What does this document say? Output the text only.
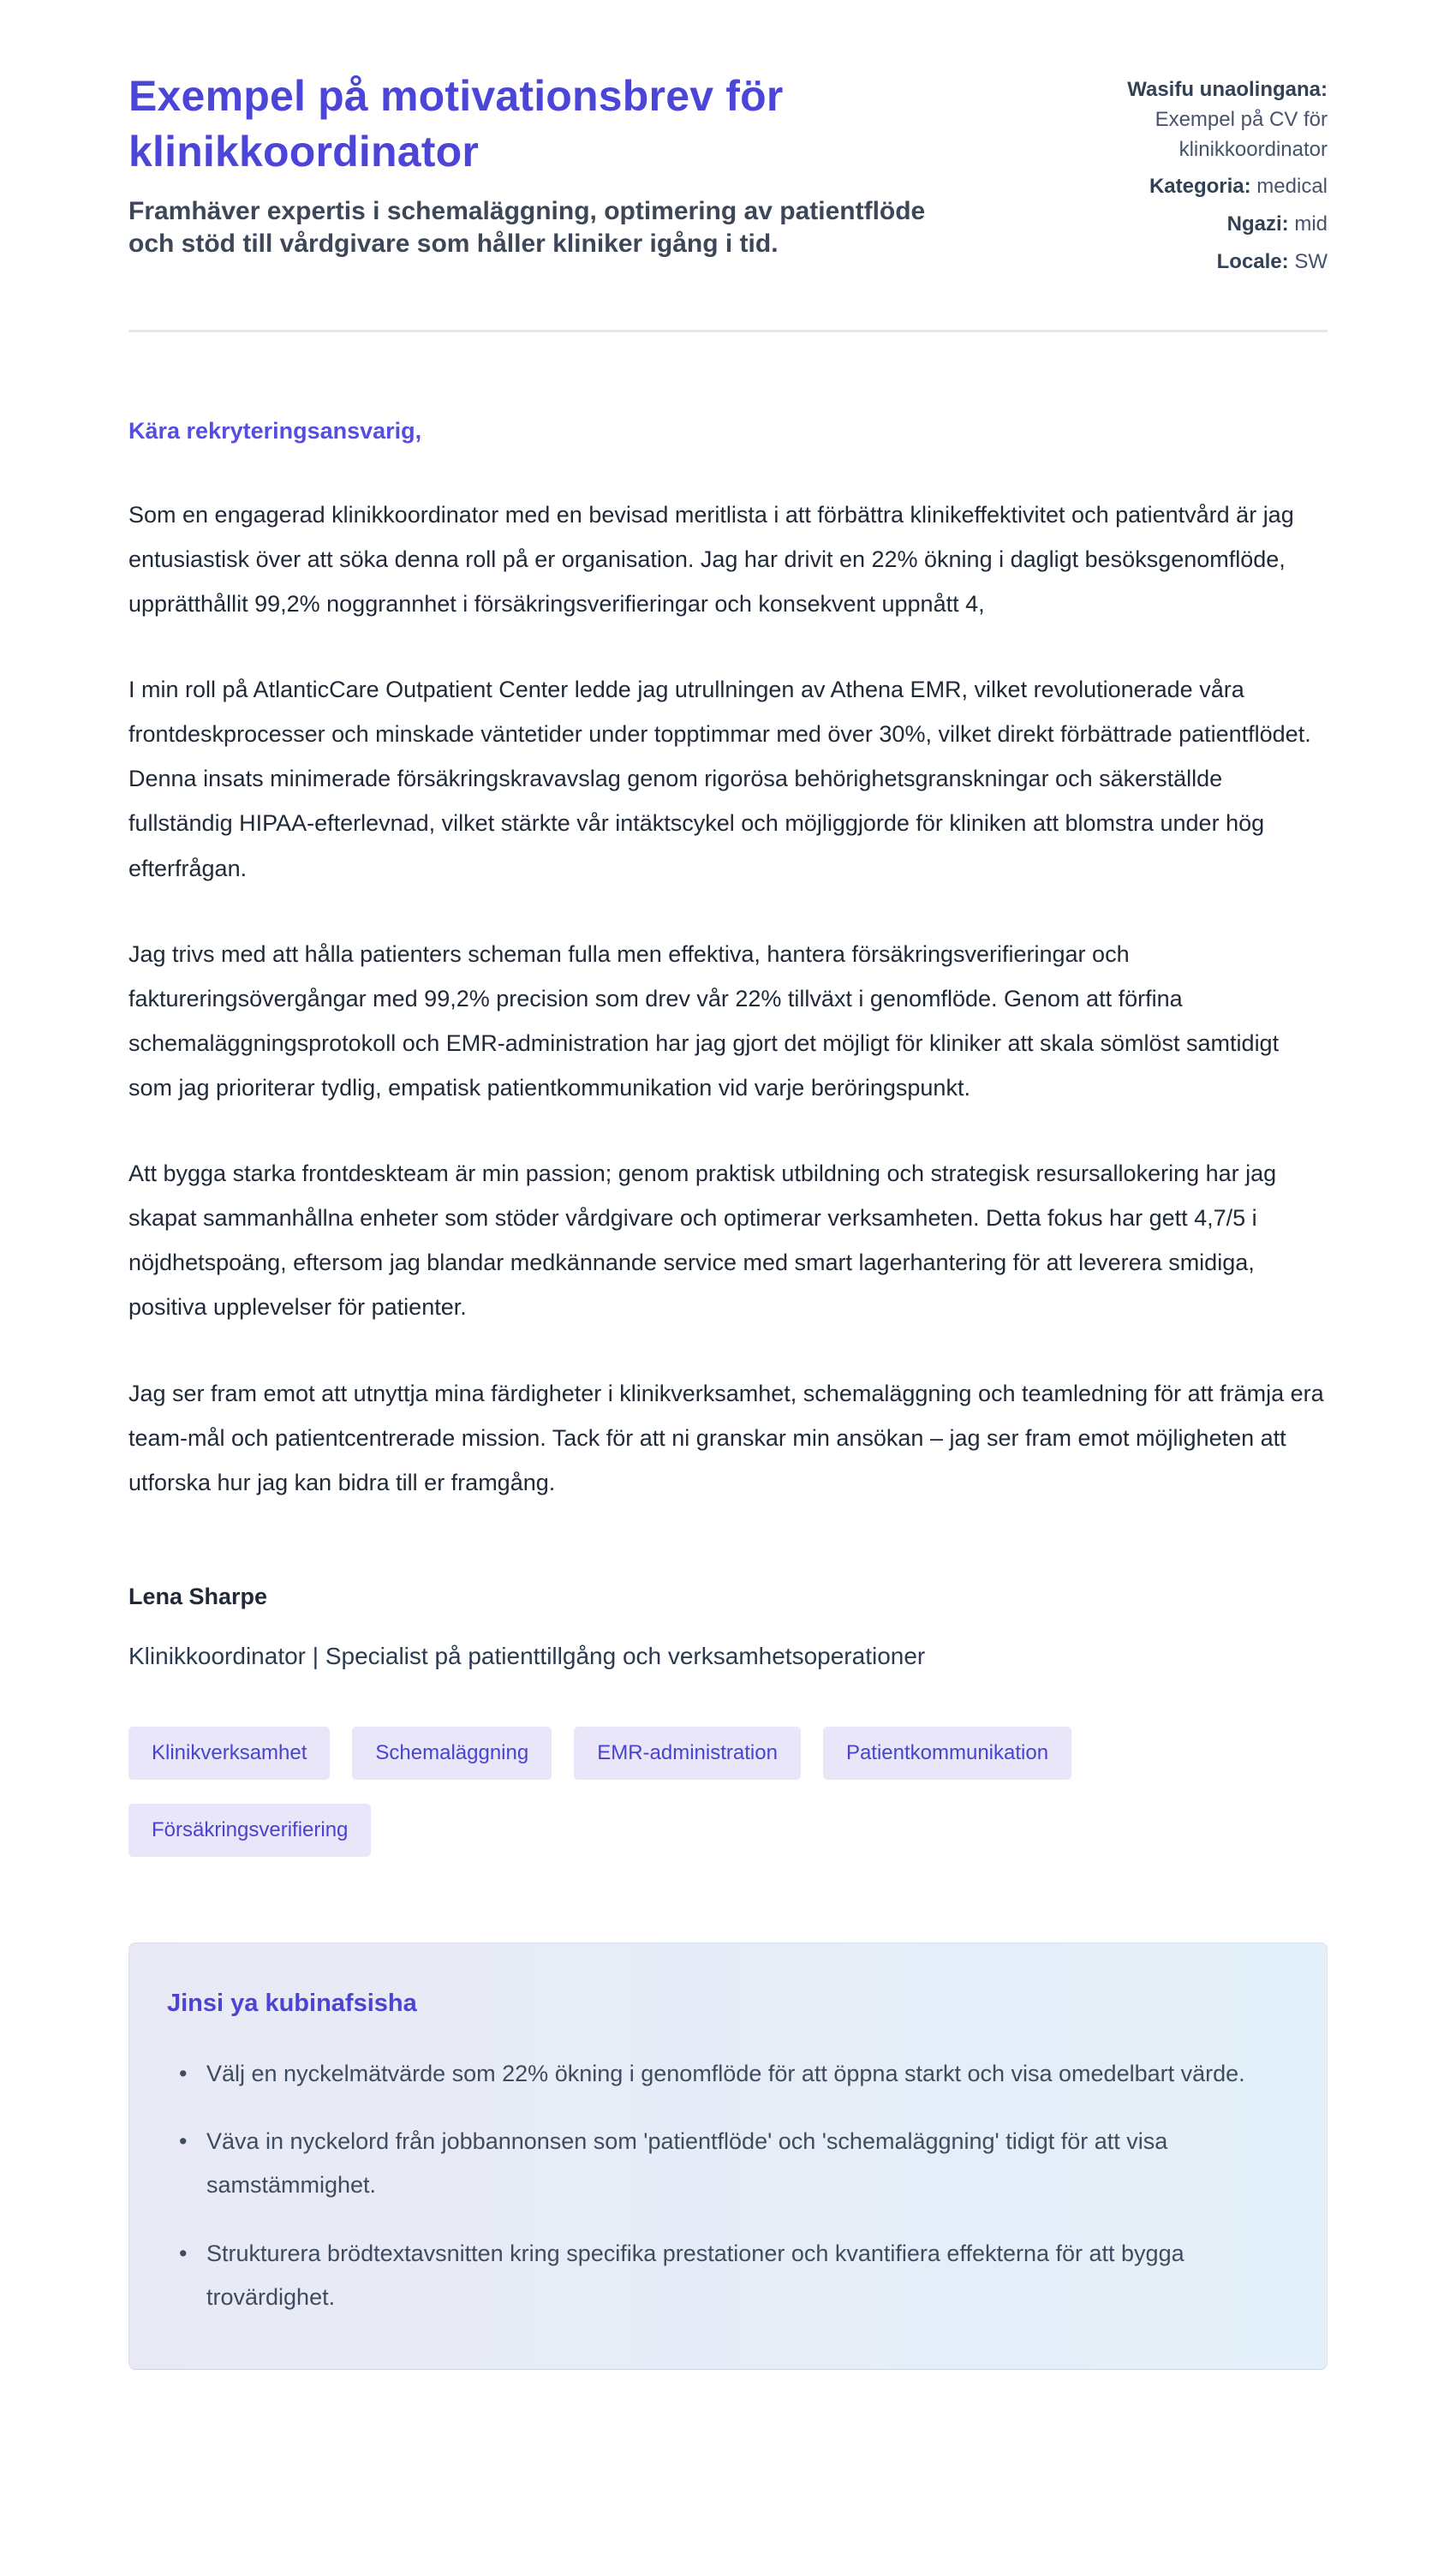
Exempel på motivationsbrev för klinikkoordinator

Framhäver expertis i schemaläggning, optimering av patientflöde och stöd till vårdgivare som håller kliniker igång i tid.

Wasifu unaolingana:
Exempel på CV för klinikkoordinator
Kategoria: medical
Ngazi: mid
Locale: SW

Kära rekryteringsansvarig,

Som en engagerad klinikkoordinator med en bevisad meritlista i att förbättra klinikeffektivitet och patientvård är jag entusiastisk över att söka denna roll på er organisation. Jag har drivit en 22% ökning i dagligt besöksgenomflöde, upprätthållit 99,2% noggrannhet i försäkringsverifieringar och konsekvent uppnått 4,

I min roll på AtlanticCare Outpatient Center ledde jag utrullningen av Athena EMR, vilket revolutionerade våra frontdeskprocesser och minskade väntetider under topptimmar med över 30%, vilket direkt förbättrade patientflödet. Denna insats minimerade försäkringskravavslag genom rigorösa behörighetsgranskningar och säkerställde fullständig HIPAA-efterlevnad, vilket stärkte vår intäktscykel och möjliggjorde för kliniken att blomstra under hög efterfrågan.

Jag trivs med att hålla patienters scheman fulla men effektiva, hantera försäkringsverifieringar och faktureringsövergångar med 99,2% precision som drev vår 22% tillväxt i genomflöde. Genom att förfina schemaläggningsprotokoll och EMR-administration har jag gjort det möjligt för kliniker att skala sömlöst samtidigt som jag prioriterar tydlig, empatisk patientkommunikation vid varje beröringspunkt.

Att bygga starka frontdeskteam är min passion; genom praktisk utbildning och strategisk resursallokering har jag skapat sammanhållna enheter som stöder vårdgivare och optimerar verksamheten. Detta fokus har gett 4,7/5 i nöjdhetspoäng, eftersom jag blandar medkännande service med smart lagerhantering för att leverera smidiga, positiva upplevelser för patienter.

Jag ser fram emot att utnyttja mina färdigheter i klinikverksamhet, schemaläggning och teamledning för att främja era team-mål och patientcentrerade mission. Tack för att ni granskar min ansökan – jag ser fram emot möjligheten att utforska hur jag kan bidra till er framgång.

Lena Sharpe

Klinikkoordinator | Specialist på patienttillgång och verksamhetsoperationer

Klinikverksamhet	Schemaläggning	EMR-administration	Patientkommunikation
Försäkringsverifiering
Jinsi ya kubinafsisha
• Välj en nyckelmätvärde som 22% ökning i genomflöde för att öppna starkt och visa omedelbart värde.
• Väva in nyckelord från jobbannonsen som 'patientflöde' och 'schemaläggning' tidigt för att visa samstämmighet.
• Strukturera brödtextavsnitten kring specifika prestationer och kvantifiera effekterna för att bygga trovärdighet.
